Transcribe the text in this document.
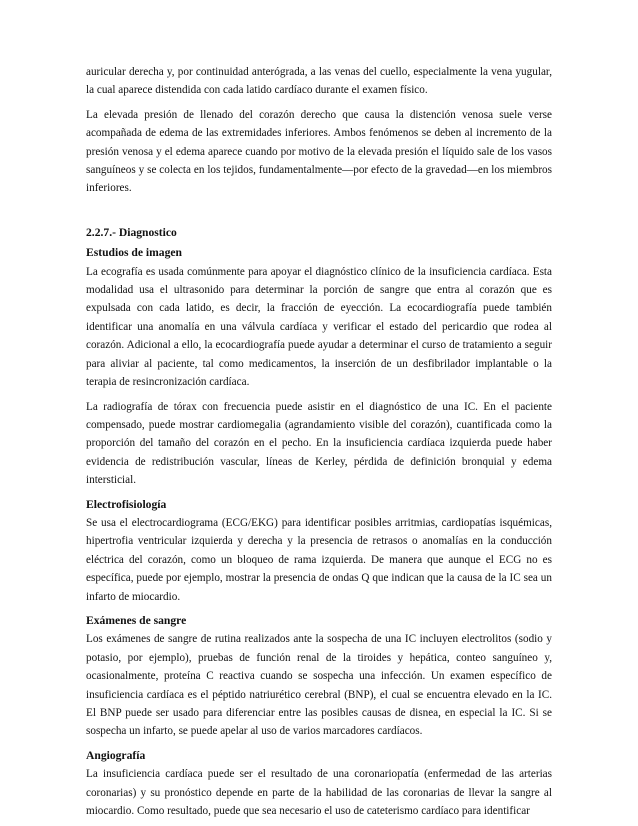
auricular derecha y, por continuidad anterógrada, a las venas del cuello, especialmente la vena yugular, la cual aparece distendida con cada latido cardíaco durante el examen físico.

La elevada presión de llenado del corazón derecho que causa la distención venosa suele verse acompañada de edema de las extremidades inferiores. Ambos fenómenos se deben al incremento de la presión venosa y el edema aparece cuando por motivo de la elevada presión el líquido sale de los vasos sanguíneos y se colecta en los tejidos, fundamentalmente—por efecto de la gravedad—en los miembros inferiores.

2.2.7.- Diagnostico
Estudios de imagen

La ecografía es usada comúnmente para apoyar el diagnóstico clínico de la insuficiencia cardíaca. Esta modalidad usa el ultrasonido para determinar la porción de sangre que entra al corazón que es expulsada con cada latido, es decir, la fracción de eyección. La ecocardiografía puede también identificar una anomalía en una válvula cardíaca y verificar el estado del pericardio que rodea al corazón. Adicional a ello, la ecocardiografía puede ayudar a determinar el curso de tratamiento a seguir para aliviar al paciente, tal como medicamentos, la inserción de un desfibrilador implantable o la terapia de resincronización cardíaca.

La radiografía de tórax con frecuencia puede asistir en el diagnóstico de una IC. En el paciente compensado, puede mostrar cardiomegalia (agrandamiento visible del corazón), cuantificada como la proporción del tamaño del corazón en el pecho. En la insuficiencia cardíaca izquierda puede haber evidencia de redistribución vascular, líneas de Kerley, pérdida de definición bronquial y edema intersticial.

Electrofisiología

Se usa el electrocardiograma (ECG/EKG) para identificar posibles arritmias, cardiopatías isquémicas, hipertrofia ventricular izquierda y derecha y la presencia de retrasos o anomalías en la conducción eléctrica del corazón, como un bloqueo de rama izquierda. De manera que aunque el ECG no es específica, puede por ejemplo, mostrar la presencia de ondas Q que indican que la causa de la IC sea un infarto de miocardio.

Exámenes de sangre

Los exámenes de sangre de rutina realizados ante la sospecha de una IC incluyen electrolitos (sodio y potasio, por ejemplo), pruebas de función renal de la tiroides y hepática, conteo sanguíneo y, ocasionalmente, proteína C reactiva cuando se sospecha una infección. Un examen específico de insuficiencia cardíaca es el péptido natriurético cerebral (BNP), el cual se encuentra elevado en la IC. El BNP puede ser usado para diferenciar entre las posibles causas de disnea, en especial la IC. Si se sospecha un infarto, se puede apelar al uso de varios marcadores cardíacos.

Angiografía

La insuficiencia cardíaca puede ser el resultado de una coronariopatía (enfermedad de las arterias coronarias) y su pronóstico depende en parte de la habilidad de las coronarias de llevar la sangre al miocardio. Como resultado, puede que sea necesario el uso de cateterismo cardíaco para identificar
